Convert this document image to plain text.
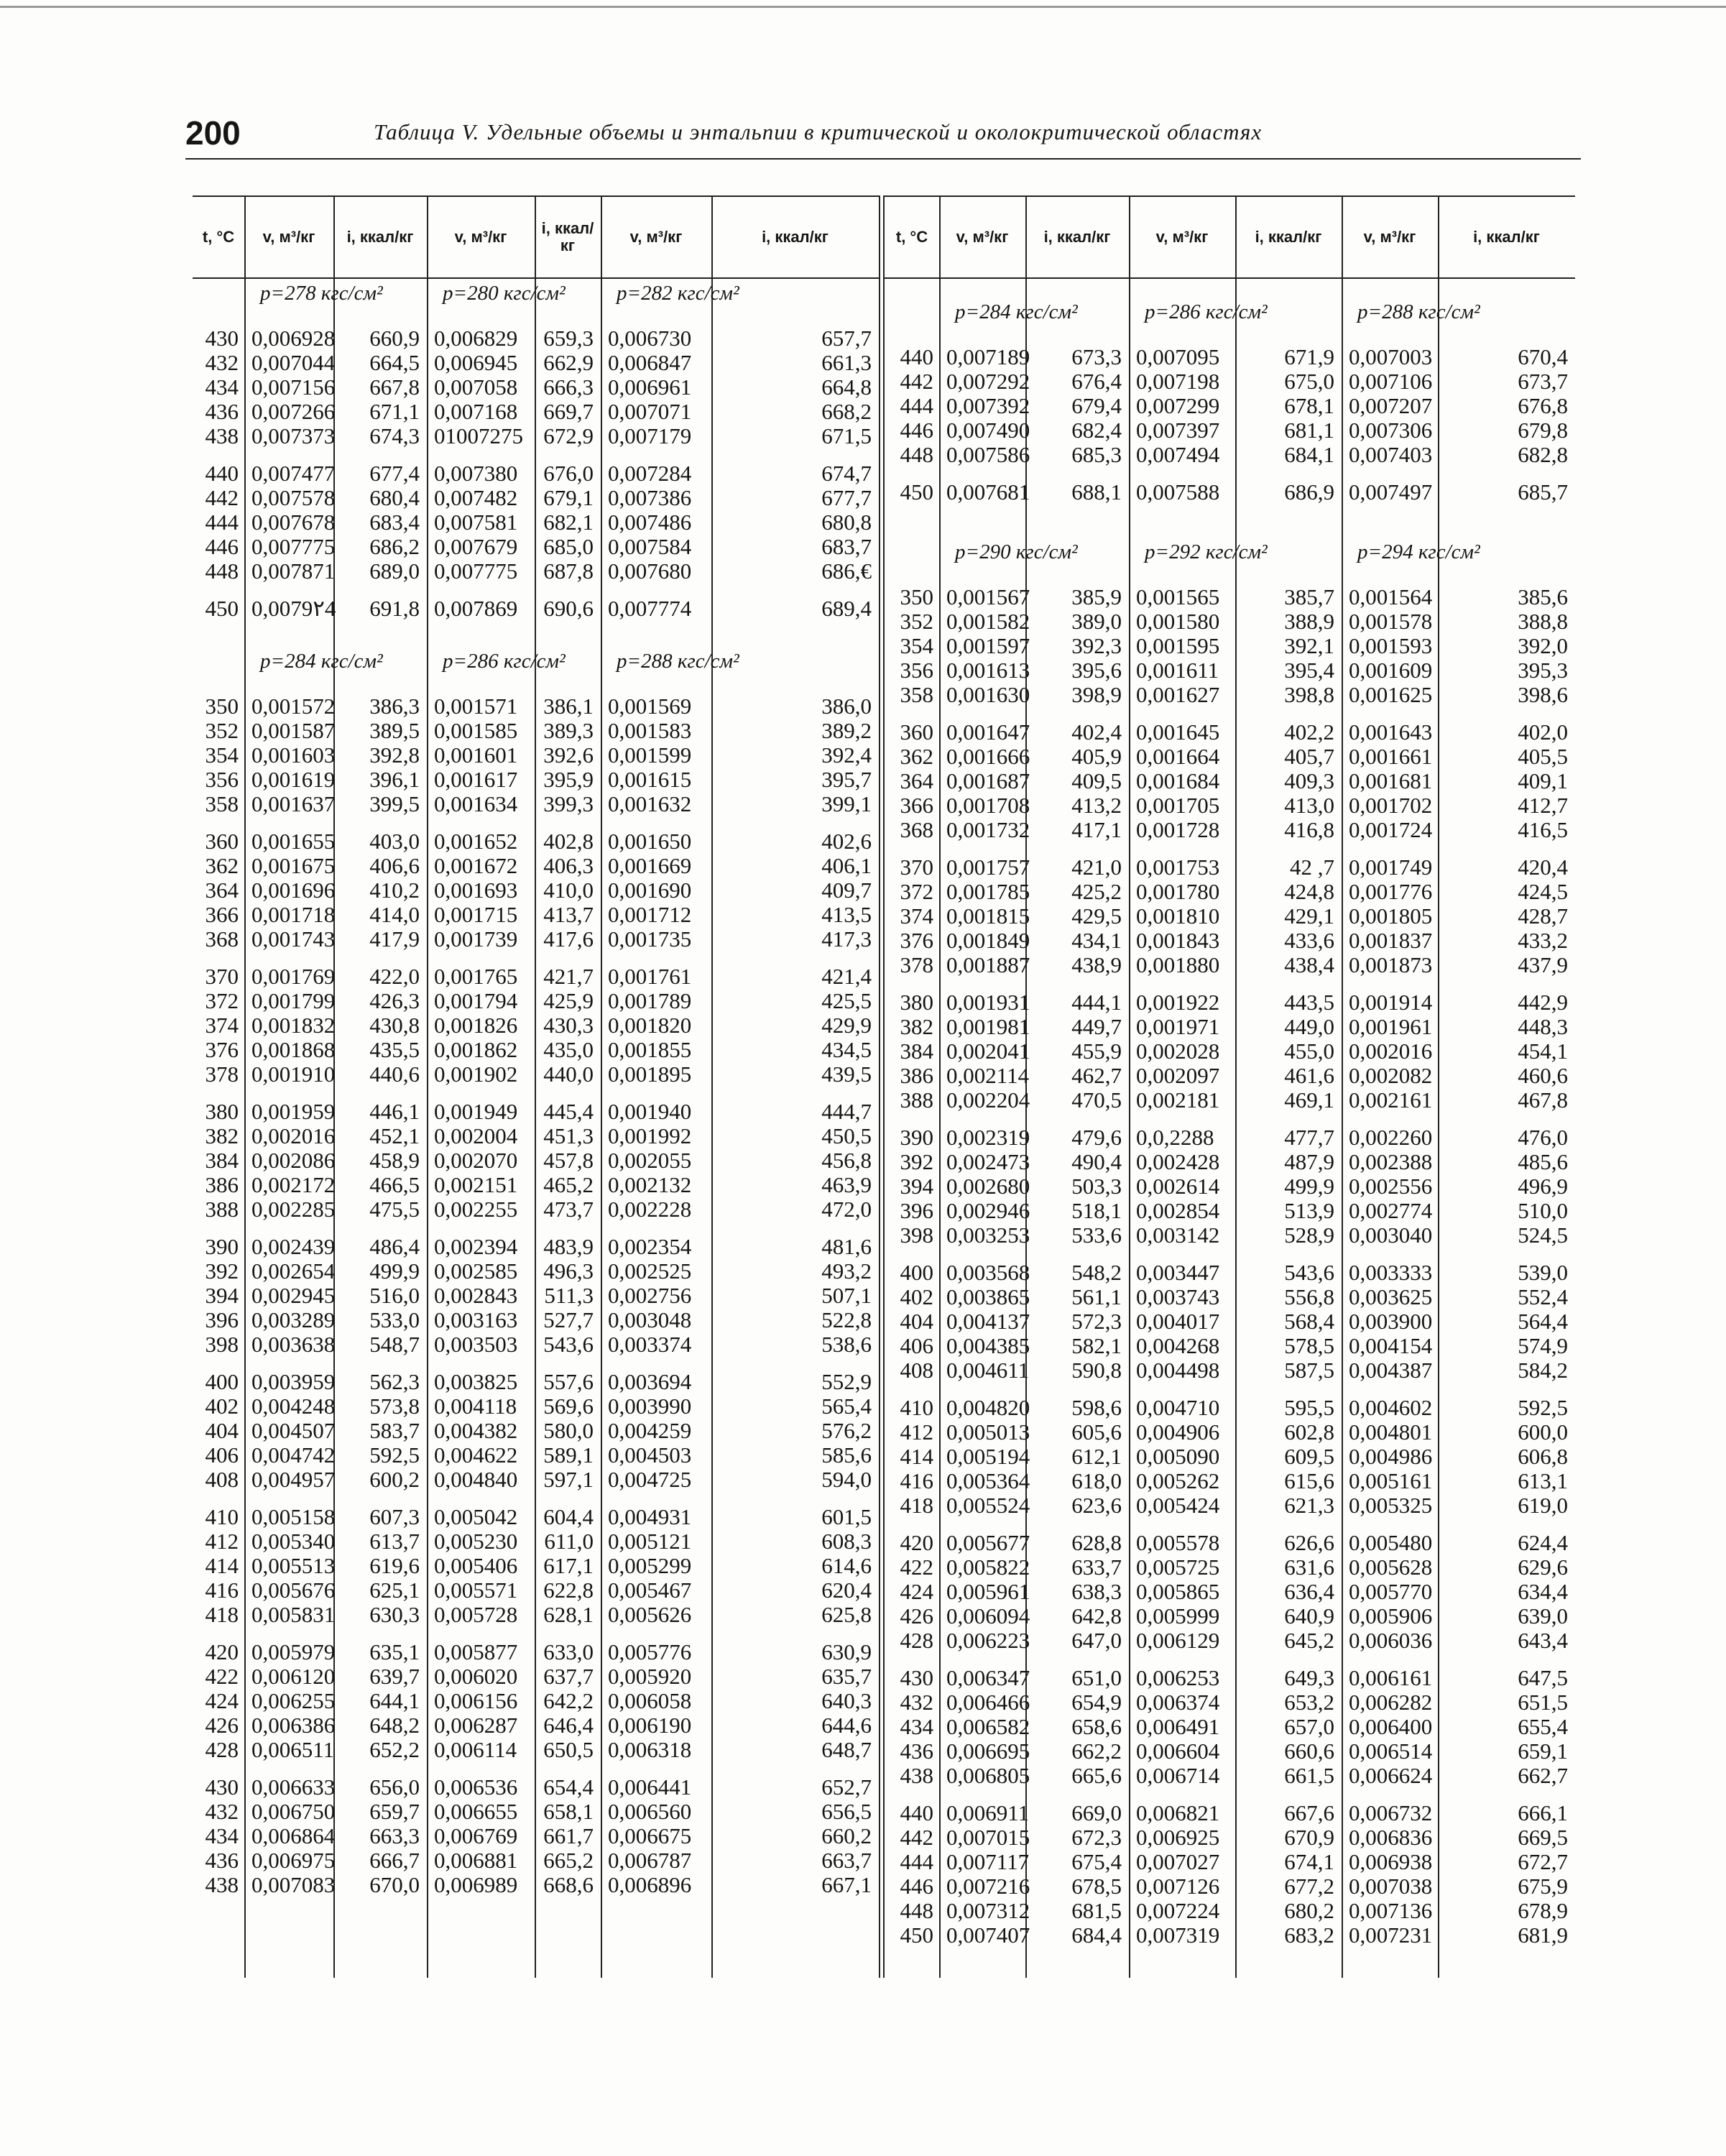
200	Таблица V. Удельные объемы и энтальпии в критической и околокритической областях
t, °C	v, м³/кг	i, ккал/кг	v, м³/кг	i, ккал/кг	v, м³/кг	i, ккал/кг
p=278 кгс/см²	p=280 кгс/см² p=282 кгс/см²
430 0,006928	660,9 0,006829	659,3 0,006730	657,7
432 0,007044	664,5 0,006945	662,9 0,006847	661,3
434 0,007156	667,8 0,007058	666,3 0,006961	664,8
436 0,007266	671,1 0,007168	669,7 0,007071	668,2
438 0,007373	674,3 01007275 672,9 0,007179	671,5
440 0,007477	677,4 0,007380	676,0 0,007284	674,7
442 0,007578	680,4 0,007482	679,1 0,007386	677,7
444 0,007678	683,4 0,007581	682,1 0,007486	680,8
446 0,007775	686,2 0,007679	685,0 0,007584	683,7
448 0,007871	689,0 0,007775	687,8 0,007680	686,€
450 0,0079٢4	691,8 0,007869	690,6 0,007774	689,4
p=284 кгс/см²	p=286 кгс/см² p=288 кгс/см²
350 0,001572	386,3 0,001571	386,1 0,001569	386,0
352 0,001587	389,5 0,001585	389,3 0,001583	389,2
354 0,001603	392,8 0,001601	392,6 0,001599	392,4
356 0,001619	396,1 0,001617	395,9 0,001615	395,7
358 0,001637	399,5 0,001634	399,3 0,001632	399,1
360 0,001655	403,0 0,001652	402,8 0,001650	402,6
362 0,001675	406,6 0,001672	406,3 0,001669	406,1
364 0,001696	410,2 0,001693	410,0 0,001690	409,7
366 0,001718	414,0 0,001715	413,7 0,001712	413,5
368 0,001743	417,9 0,001739	417,6 0,001735	417,3
370 0,001769	422,0 0,001765	421,7 0,001761	421,4
372 0,001799	426,3 0,001794	425,9 0,001789	425,5
374 0,001832	430,8 0,001826	430,3 0,001820	429,9
376 0,001868	435,5 0,001862	435,0 0,001855	434,5
378 0,001910	440,6 0,001902	440,0 0,001895	439,5
380 0,001959	446,1 0,001949	445,4 0,001940	444,7
382 0,002016	452,1 0,002004	451,3 0,001992	450,5
384 0,002086	458,9 0,002070	457,8 0,002055	456,8
386 0,002172	466,5 0,002151	465,2 0,002132	463,9
388 0,002285	475,5 0,002255	473,7 0,002228	472,0
390 0,002439	486,4 0,002394	483,9 0,002354	481,6
392 0,002654	499,9 0,002585	496,3 0,002525	493,2
394 0,002945	516,0 0,002843	511,3 0,002756	507,1
396 0,003289	533,0 0,003163	527,7 0,003048	522,8
398 0,003638	548,7 0,003503	543,6 0,003374	538,6
400 0,003959	562,3 0,003825	557,6 0,003694	552,9
402 0,004248	573,8 0,004118	569,6 0,003990	565,4
404 0,004507	583,7 0,004382	580,0 0,004259	576,2
406 0,004742	592,5 0,004622	589,1 0,004503	585,6
408 0,004957	600,2 0,004840	597,1 0,004725	594,0
410 0,005158	607,3 0,005042	604,4 0,004931	601,5
412 0,005340	613,7 0,005230	611,0 0,005121	608,3
414 0,005513	619,6 0,005406	617,1 0,005299	614,6
416 0,005676	625,1 0,005571	622,8 0,005467	620,4
418 0,005831	630,3 0,005728	628,1 0,005626	625,8
420 0,005979	635,1 0,005877	633,0 0,005776	630,9
422 0,006120	639,7 0,006020	637,7 0,005920	635,7
424 0,006255	644,1 0,006156	642,2 0,006058	640,3
426 0,006386	648,2 0,006287	646,4 0,006190	644,6
428 0,006511	652,2 0,006114	650,5 0,006318	648,7
430 0,006633	656,0 0,006536	654,4 0,006441	652,7
432 0,006750	659,7 0,006655	658,1 0,006560	656,5
434 0,006864	663,3 0,006769	661,7 0,006675	660,2
436 0,006975	666,7 0,006881	665,2 0,006787	663,7
438 0,007083	670,0 0,006989	668,6 0,006896	667,1
t, °C	v, м³/кг	i, ккал/кг	v, м³/кг	i, ккал/кг	v, м³/кг	i, ккал/кг
p=284 кгс/см²	p=286 кгс/см²	p=288 кгс/см²
440 0,007189	673,3 0,007095	671,9 0,007003	670,4
442 0,007292	676,4 0,007198	675,0 0,007106	673,7
444 0,007392	679,4 0,007299	678,1 0,007207	676,8
446 0,007490	682,4 0,007397	681,1 0,007306	679,8
448 0,007586	685,3 0,007494	684,1 0,007403	682,8
450 0,007681	688,1 0,007588	686,9 0,007497	685,7
p=290 кгс/см²	p=292 кгс/см²	p=294 кгс/см²
350 0,001567	385,9 0,001565	385,7 0,001564	385,6
352 0,001582	389,0 0,001580	388,9 0,001578	388,8
354 0,001597	392,3 0,001595	392,1 0,001593	392,0
356 0,001613	395,6 0,001611	395,4 0,001609	395,3
358 0,001630	398,9 0,001627	398,8 0,001625	398,6
360 0,001647	402,4 0,001645	402,2 0,001643	402,0
362 0,001666	405,9 0,001664	405,7 0,001661	405,5
364 0,001687	409,5 0,001684	409,3 0,001681	409,1
366 0,001708	413,2 0,001705	413,0 0,001702	412,7
368 0,001732	417,1 0,001728	416,8 0,001724	416,5
370 0,001757	421,0 0,001753	42 ,7 0,001749	420,4
372 0,001785	425,2 0,001780	424,8 0,001776	424,5
374 0,001815	429,5 0,001810	429,1 0,001805	428,7
376 0,001849	434,1 0,001843	433,6 0,001837	433,2
378 0,001887	438,9 0,001880	438,4 0,001873	437,9
380 0,001931	444,1 0,001922	443,5 0,001914	442,9
382 0,001981	449,7 0,001971	449,0 0,001961	448,3
384 0,002041	455,9 0,002028	455,0 0,002016	454,1
386 0,002114	462,7 0,002097	461,6 0,002082	460,6
388 0,002204	470,5 0,002181	469,1 0,002161	467,8
390 0,002319	479,6 0,0,2288	477,7 0,002260	476,0
392 0,002473	490,4 0,002428	487,9 0,002388	485,6
394 0,002680	503,3 0,002614	499,9 0,002556	496,9
396 0,002946	518,1 0,002854	513,9 0,002774	510,0
398 0,003253	533,6 0,003142	528,9 0,003040	524,5
400 0,003568	548,2 0,003447	543,6 0,003333	539,0
402 0,003865	561,1 0,003743	556,8 0,003625	552,4
404 0,004137	572,3 0,004017	568,4 0,003900	564,4
406 0,004385	582,1 0,004268	578,5 0,004154	574,9
408 0,004611	590,8 0,004498	587,5 0,004387	584,2
410 0,004820	598,6 0,004710	595,5 0,004602	592,5
412 0,005013	605,6 0,004906	602,8 0,004801	600,0
414 0,005194	612,1 0,005090	609,5 0,004986	606,8
416 0,005364	618,0 0,005262	615,6 0,005161	613,1
418 0,005524	623,6 0,005424	621,3 0,005325	619,0
420 0,005677	628,8 0,005578	626,6 0,005480	624,4
422 0,005822	633,7 0,005725	631,6 0,005628	629,6
424 0,005961	638,3 0,005865	636,4 0,005770	634,4
426 0,006094	642,8 0,005999	640,9 0,005906	639,0
428 0,006223	647,0 0,006129	645,2 0,006036	643,4
430 0,006347	651,0 0,006253	649,3 0,006161	647,5
432 0,006466	654,9 0,006374	653,2 0,006282	651,5
434 0,006582	658,6 0,006491	657,0 0,006400	655,4
436 0,006695	662,2 0,006604	660,6 0,006514	659,1
438 0,006805	665,6 0,006714	661,5 0,006624	662,7
440 0,006911	669,0 0,006821	667,6 0,006732	666,1
442 0,007015	672,3 0,006925	670,9 0,006836	669,5
444 0,007117	675,4 0,007027	674,1 0,006938	672,7
446 0,007216	678,5 0,007126	677,2 0,007038	675,9
448 0,007312	681,5 0,007224	680,2 0,007136	678,9
450 0,007407	684,4 0,007319	683,2 0,007231	681,9
